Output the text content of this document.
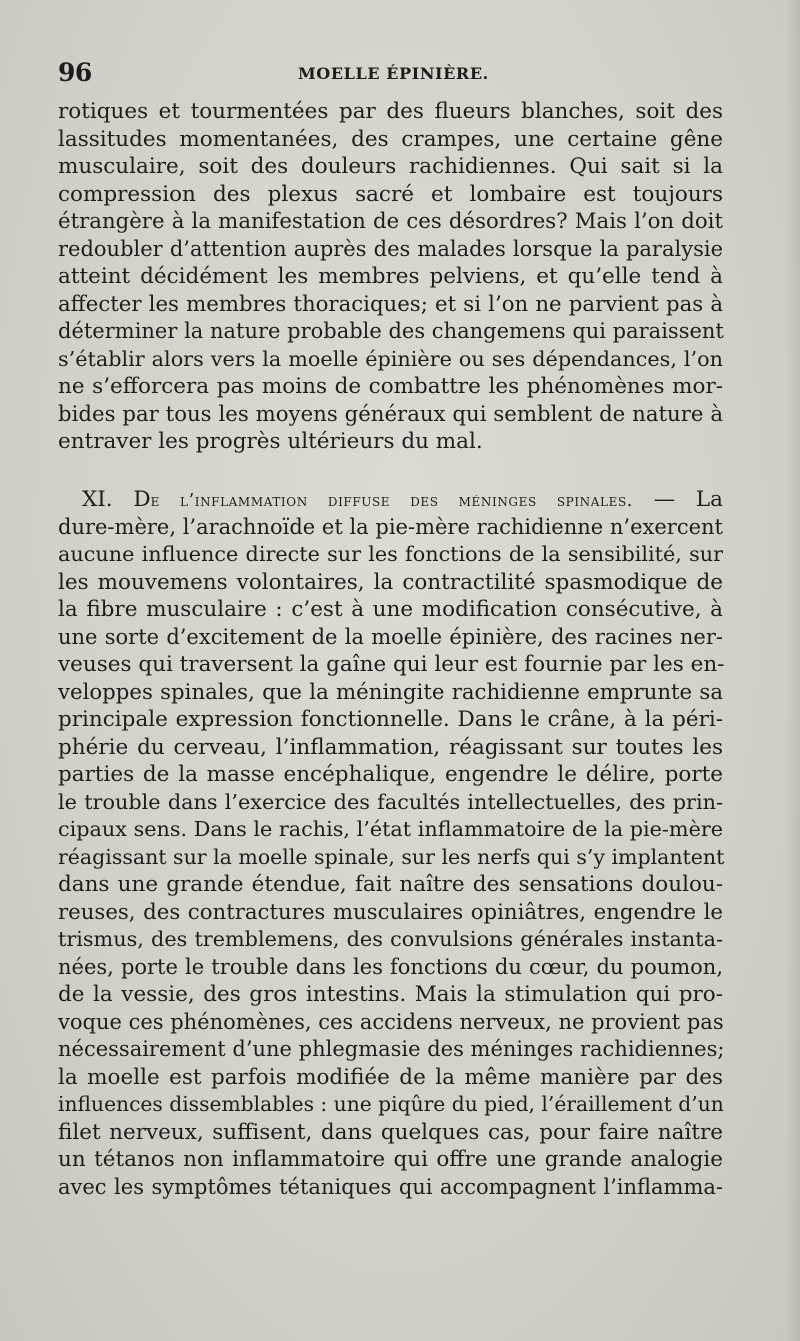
96	MOELLE ÉPINIÈRE.
rotiques et tourmentées par des flueurs blanches, soit des
lassitudes momentanées, des crampes, une certaine gêne
musculaire, soit des douleurs rachidiennes. Qui sait si la
compression des plexus sacré et lombaire est toujours
étrangère à la manifestation de ces désordres? Mais l’on doit
redoubler d’attention auprès des malades lorsque la paralysie
atteint décidément les membres pelviens, et qu’elle tend à
affecter les membres thoraciques; et si l’on ne parvient pas à
déterminer la nature probable des changemens qui paraissent
s’établir alors vers la moelle épinière ou ses dépendances, l’on
ne s’efforcera pas moins de combattre les phénomènes mor-
bides par tous les moyens généraux qui semblent de nature à
entraver les progrès ultérieurs du mal.
XI. De l’inflammation diffuse des méninges spinales. — La
dure-mère, l’arachnoïde et la pie-mère rachidienne n’exercent
aucune influence directe sur les fonctions de la sensibilité, sur
les mouvemens volontaires, la contractilité spasmodique de
la fibre musculaire : c’est à une modification consécutive, à
une sorte d’excitement de la moelle épinière, des racines ner-
veuses qui traversent la gaîne qui leur est fournie par les en-
veloppes spinales, que la méningite rachidienne emprunte sa
principale expression fonctionnelle. Dans le crâne, à la péri-
phérie du cerveau, l’inflammation, réagissant sur toutes les
parties de la masse encéphalique, engendre le délire, porte
le trouble dans l’exercice des facultés intellectuelles, des prin-
cipaux sens. Dans le rachis, l’état inflammatoire de la pie-mère
réagissant sur la moelle spinale, sur les nerfs qui s’y implantent
dans une grande étendue, fait naître des sensations doulou-
reuses, des contractures musculaires opiniâtres, engendre le
trismus, des tremblemens, des convulsions générales instanta-
nées, porte le trouble dans les fonctions du cœur, du poumon,
de la vessie, des gros intestins. Mais la stimulation qui pro-
voque ces phénomènes, ces accidens nerveux, ne provient pas
nécessairement d’une phlegmasie des méninges rachidiennes;
la moelle est parfois modifiée de la même manière par des
influences dissemblables : une piqûre du pied, l’éraillement d’un
filet nerveux, suffisent, dans quelques cas, pour faire naître
un tétanos non inflammatoire qui offre une grande analogie
avec les symptômes tétaniques qui accompagnent l’inflamma-
